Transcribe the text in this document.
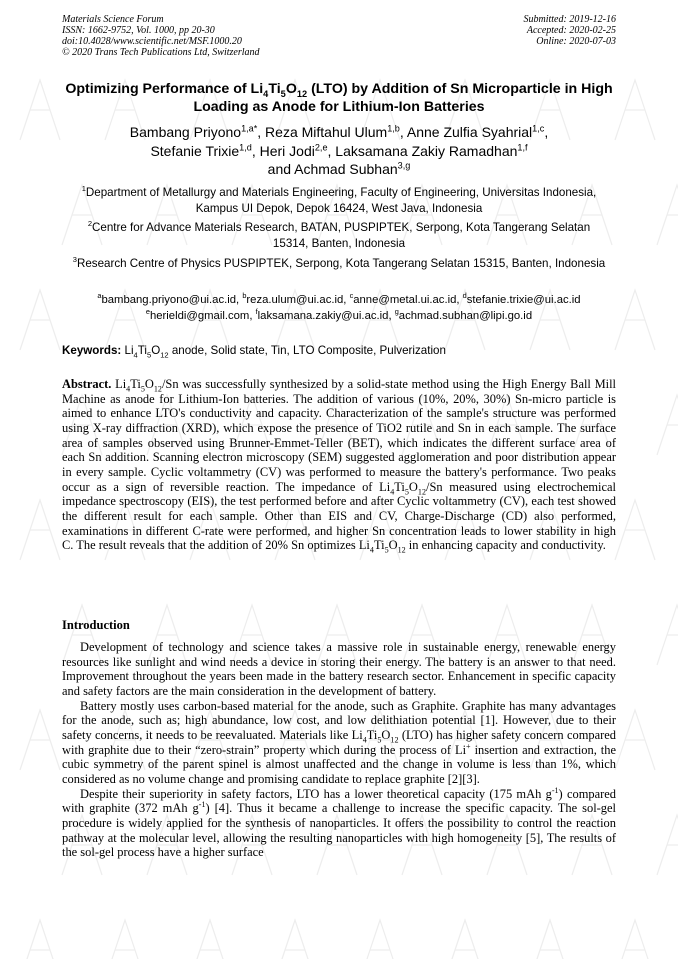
Materials Science Forum
ISSN: 1662-9752, Vol. 1000, pp 20-30
doi:10.4028/www.scientific.net/MSF.1000.20
© 2020 Trans Tech Publications Ltd, Switzerland
Submitted: 2019-12-16
Accepted: 2020-02-25
Online: 2020-07-03
Optimizing Performance of $Li_4Ti_5O_{12}$ (LTO) by Addition of Sn Microparticle in High Loading as Anode for Lithium-Ion Batteries
Bambang Priyono$^{1,a*}$, Reza Miftahul Ulum$^{1,b}$, Anne Zulfia Syahrial$^{1,c}$,
Stefanie Trixie$^{1,d}$, Heri Jodi$^{2,e}$, Laksamana Zakiy Ramadhan$^{1,f}$
and Achmad Subhan$^{3,g}$
$^1$Department of Metallurgy and Materials Engineering, Faculty of Engineering, Universitas Indonesia, Kampus UI Depok, Depok 16424, West Java, Indonesia
$^2$Centre for Advance Materials Research, BATAN, PUSPIPTEK, Serpong, Kota Tangerang Selatan 15314, Banten, Indonesia
$^3$Research Centre of Physics PUSPIPTEK, Serpong, Kota Tangerang Selatan 15315, Banten, Indonesia
$^a$bambang.priyono@ui.ac.id, $^b$reza.ulum@ui.ac.id, $^c$anne@metal.ui.ac.id, $^d$stefanie.trixie@ui.ac.id
$^e$herieldi@gmail.com, $^f$laksamana.zakiy@ui.ac.id, $^g$achmad.subhan@lipi.go.id
Keywords: $Li_4Ti_5O_{12}$ anode, Solid state, Tin, LTO Composite, Pulverization
Abstract. $Li_4Ti_5O_{12}/Sn$ was successfully synthesized by a solid-state method using the High Energy Ball Mill Machine as anode for Lithium-Ion batteries. The addition of various (10%, 20%, 30%) Sn-micro particle is aimed to enhance LTO's conductivity and capacity. Characterization of the sample's structure was performed using X-ray diffraction (XRD), which expose the presence of TiO2 rutile and Sn in each sample. The surface area of samples observed using Brunner-Emmet-Teller (BET), which indicates the different surface area of each Sn addition. Scanning electron microscopy (SEM) suggested agglomeration and poor distribution appear in every sample. Cyclic voltammetry (CV) was performed to measure the battery's performance. Two peaks occur as a sign of reversible reaction. The impedance of $Li_4Ti_5O_{12}/Sn$ measured using electrochemical impedance spectroscopy (EIS), the test performed before and after Cyclic voltammetry (CV), each test showed the different result for each sample. Other than EIS and CV, Charge-Discharge (CD) also performed, examinations in different C-rate were performed, and higher Sn concentration leads to lower stability in high C. The result reveals that the addition of 20% Sn optimizes $Li_4Ti_5O_{12}$ in enhancing capacity and conductivity.
Introduction

Development of technology and science takes a massive role in sustainable energy, renewable energy resources like sunlight and wind needs a device in storing their energy. The battery is an answer to that need. Improvement throughout the years been made in the battery research sector. Enhancement in specific capacity and safety factors are the main consideration in the development of battery.

Battery mostly uses carbon-based material for the anode, such as Graphite. Graphite has many advantages for the anode, such as; high abundance, low cost, and low delithiation potential [1]. However, due to their safety concerns, it needs to be reevaluated. Materials like $Li_4Ti_5O_{12}$ (LTO) has higher safety concern compared with graphite due to their “zero-strain” property which during the process of Li+ insertion and extraction, the cubic symmetry of the parent spinel is almost unaffected and the change in volume is less than 1%, which considered as no volume change and promising candidate to replace graphite [2][3].

Despite their superiority in safety factors, LTO has a lower theoretical capacity (175 mAh $g^{-1}$) compared with graphite (372 mAh $g^{-1}$) [4]. Thus it became a challenge to increase the specific capacity. The sol-gel procedure is widely applied for the synthesis of nanoparticles. It offers the possibility to control the reaction pathway at the molecular level, allowing the resulting nanoparticles with high homogeneity [5], The results of the sol-gel process have a higher surface
